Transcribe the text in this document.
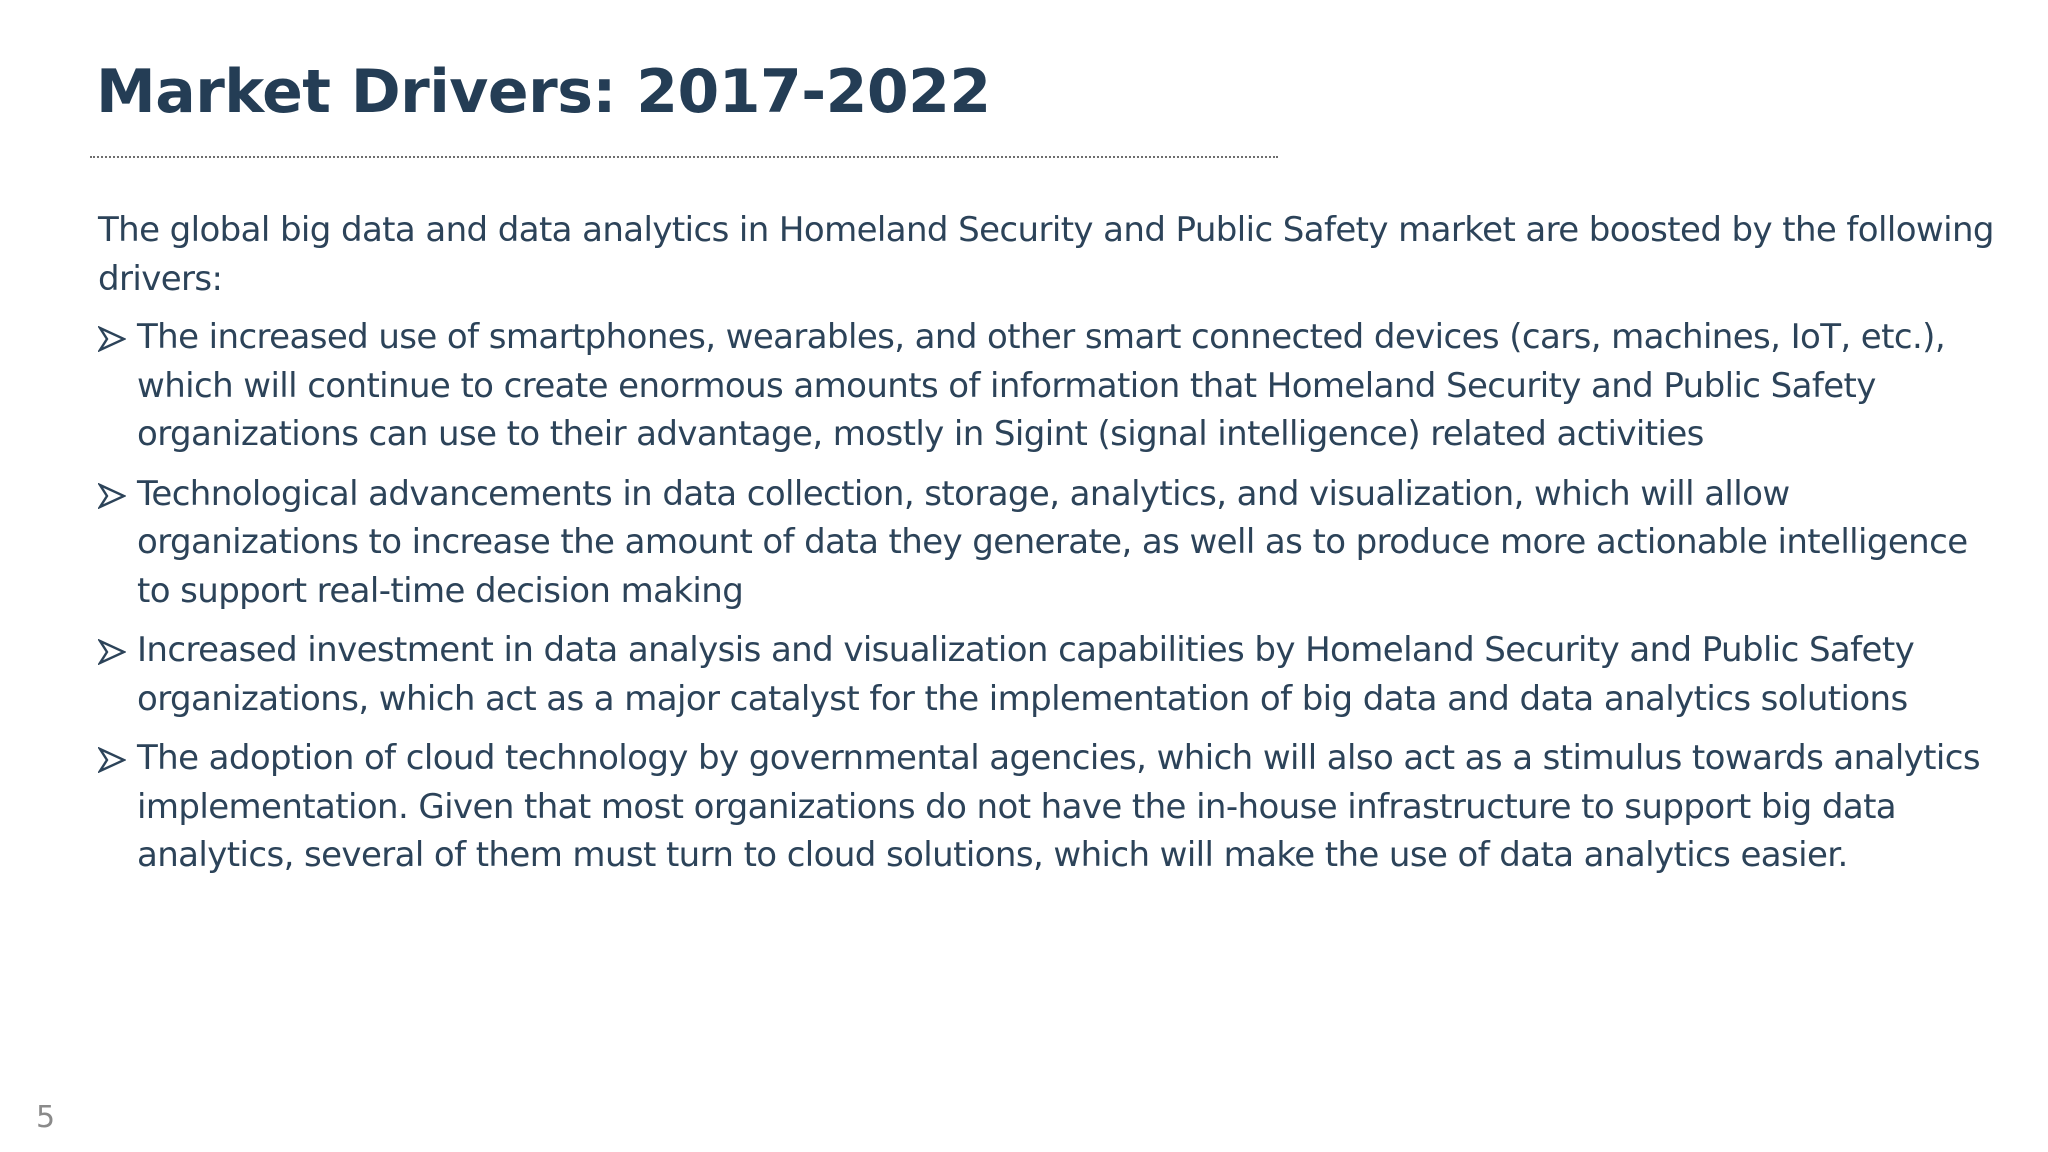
Market Drivers: 2017-2022

The global big data and data analytics in Homeland Security and Public Safety market are boosted by the following drivers:

The increased use of smartphones, wearables, and other smart connected devices (cars, machines, IoT, etc.), which will continue to create enormous amounts of information that Homeland Security and Public Safety organizations can use to their advantage, mostly in Sigint (signal intelligence) related activities
Technological advancements in data collection, storage, analytics, and visualization, which will allow organizations to increase the amount of data they generate, as well as to produce more actionable intelligence to support real-time decision making
Increased investment in data analysis and visualization capabilities by Homeland Security and Public Safety organizations, which act as a major catalyst for the implementation of big data and data analytics solutions
The adoption of cloud technology by governmental agencies, which will also act as a stimulus towards analytics implementation. Given that most organizations do not have the in-house infrastructure to support big data analytics, several of them must turn to cloud solutions, which will make the use of data analytics easier.
5
